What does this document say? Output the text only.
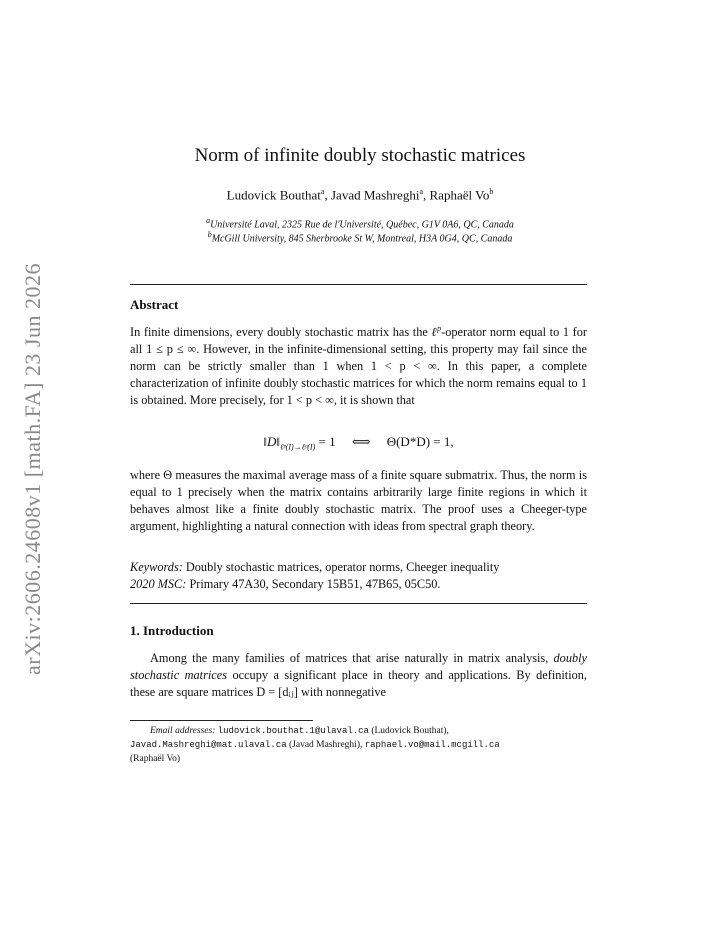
arXiv:2606.24608v1 [math.FA] 23 Jun 2026
Norm of infinite doubly stochastic matrices
Ludovick Bouthat$^a$, Javad Mashreghi$^a$, Raphaël Vo$^b$
$^a$Université Laval, 2325 Rue de l'Université, Québec, G1V 0A6, QC, Canada
$^b$McGill University, 845 Sherbrooke St W, Montreal, H3A 0G4, QC, Canada
Abstract
In finite dimensions, every doubly stochastic matrix has the ℓ$^p$-operator norm equal to 1 for all 1 ≤ p ≤ ∞. However, in the infinite-dimensional setting, this property may fail since the norm can be strictly smaller than 1 when 1 < p < ∞. In this paper, a complete characterization of infinite doubly stochastic matrices for which the norm remains equal to 1 is obtained. More precisely, for 1 < p < ∞, it is shown that
$‖D‖_{\ell ᵖ(I)\to\ell ᵖ(I)} = 1$     ⟺     Θ(D*D) = 1,
where Θ measures the maximal average mass of a finite square submatrix. Thus, the norm is equal to 1 precisely when the matrix contains arbitrarily large finite regions in which it behaves almost like a finite doubly stochastic matrix. The proof uses a Cheeger-type argument, highlighting a natural connection with ideas from spectral graph theory.
Keywords: Doubly stochastic matrices, operator norms, Cheeger inequality
2020 MSC: Primary 47A30, Secondary 15B51, 47B65, 05C50.
1. Introduction
Among the many families of matrices that arise naturally in matrix analysis, doubly stochastic matrices occupy a significant place in theory and applications. By definition, these are square matrices D = [dᵢⱼ] with nonnegative
Email addresses: ludovick.bouthat.1@ulaval.ca (Ludovick Bouthat),
Javad.Mashreghi@mat.ulaval.ca (Javad Mashreghi), raphael.vo@mail.mcgill.ca
(Raphaël Vo)
